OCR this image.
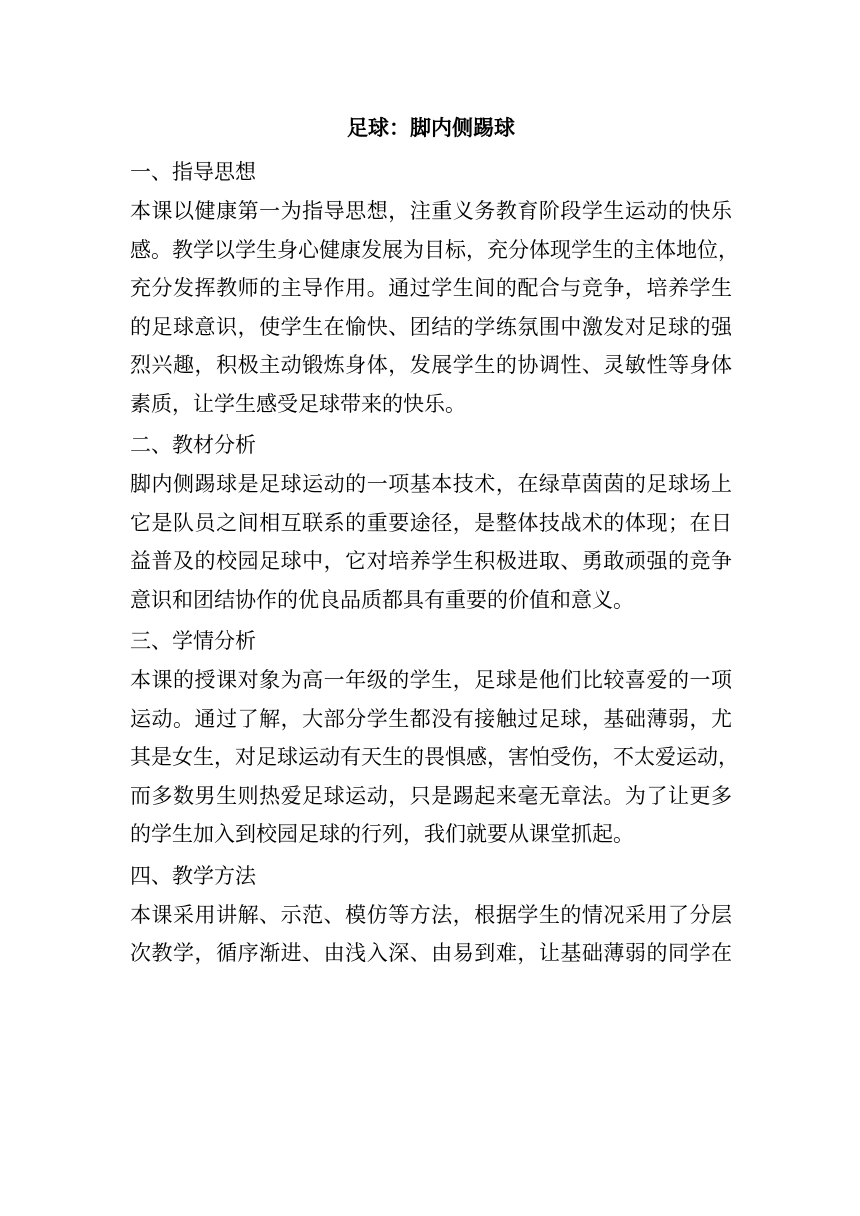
足球：脚内侧踢球
一、指导思想
本课以健康第一为指导思想，注重义务教育阶段学生运动的快乐
感。教学以学生身心健康发展为目标，充分体现学生的主体地位，
充分发挥教师的主导作用。通过学生间的配合与竞争，培养学生
的足球意识，使学生在愉快、团结的学练氛围中激发对足球的强
烈兴趣，积极主动锻炼身体，发展学生的协调性、灵敏性等身体
素质，让学生感受足球带来的快乐。
二、教材分析
脚内侧踢球是足球运动的一项基本技术，在绿草茵茵的足球场上
它是队员之间相互联系的重要途径，是整体技战术的体现；在日
益普及的校园足球中，它对培养学生积极进取、勇敢顽强的竞争
意识和团结协作的优良品质都具有重要的价值和意义。
三、学情分析
本课的授课对象为高一年级的学生，足球是他们比较喜爱的一项
运动。通过了解，大部分学生都没有接触过足球，基础薄弱，尤
其是女生，对足球运动有天生的畏惧感，害怕受伤，不太爱运动，
而多数男生则热爱足球运动，只是踢起来毫无章法。为了让更多
的学生加入到校园足球的行列，我们就要从课堂抓起。
四、教学方法
本课采用讲解、示范、模仿等方法，根据学生的情况采用了分层
次教学，循序渐进、由浅入深、由易到难，让基础薄弱的同学在
